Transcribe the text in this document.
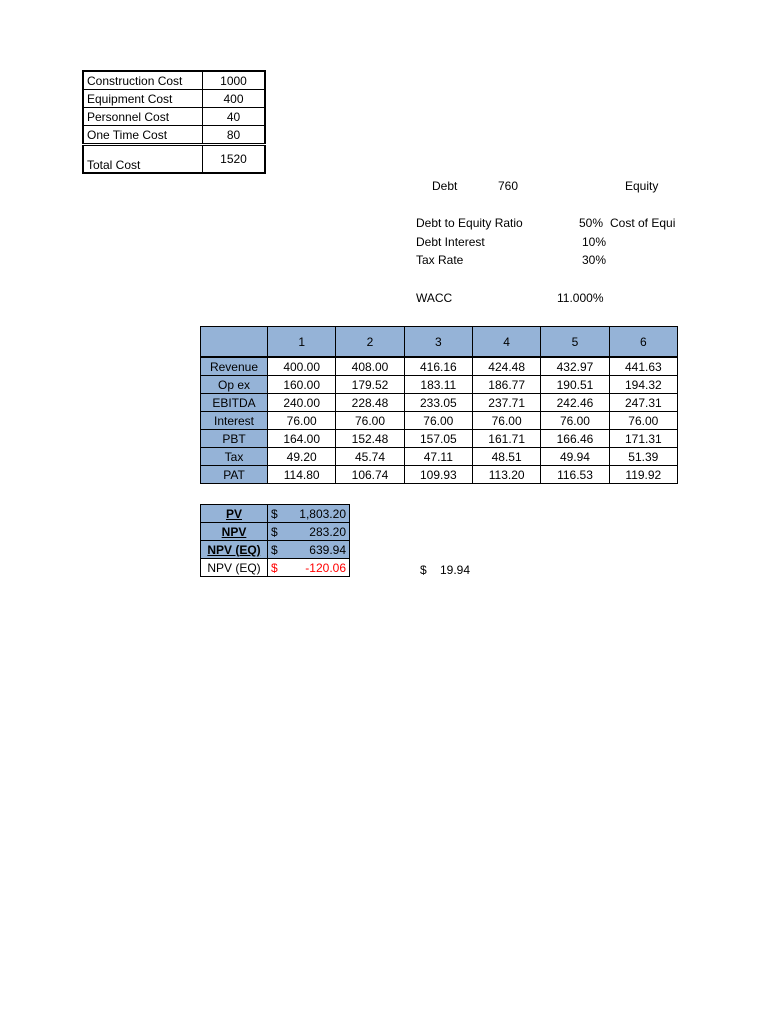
Construction Cost	1000
Equipment Cost	400
Personnel Cost	40
One Time Cost	80
Total Cost	1520
Debt	760	Equity
Debt to Equity Ratio	50% Cost of Equi
Debt Interest	10%
Tax Rate	30%
WACC	11.000%
	1	2	3	4	5	6
Revenue	400.00	408.00	416.16	424.48	432.97	441.63
Op ex	160.00	179.52	183.11	186.77	190.51	194.32
EBITDA	240.00	228.48	233.05	237.71	242.46	247.31
Interest	76.00	76.00	76.00	76.00	76.00	76.00
PBT	164.00	152.48	157.05	161.71	166.46	171.31
Tax	49.20	45.74	47.11	48.51	49.94	51.39
PAT	114.80	106.74	109.93	113.20	116.53	119.92
PV	$	1,803.20
NPV	$	283.20
NPV (EQ)	$	639.94
NPV (EQ)	$	-120.06	$ 19.94
